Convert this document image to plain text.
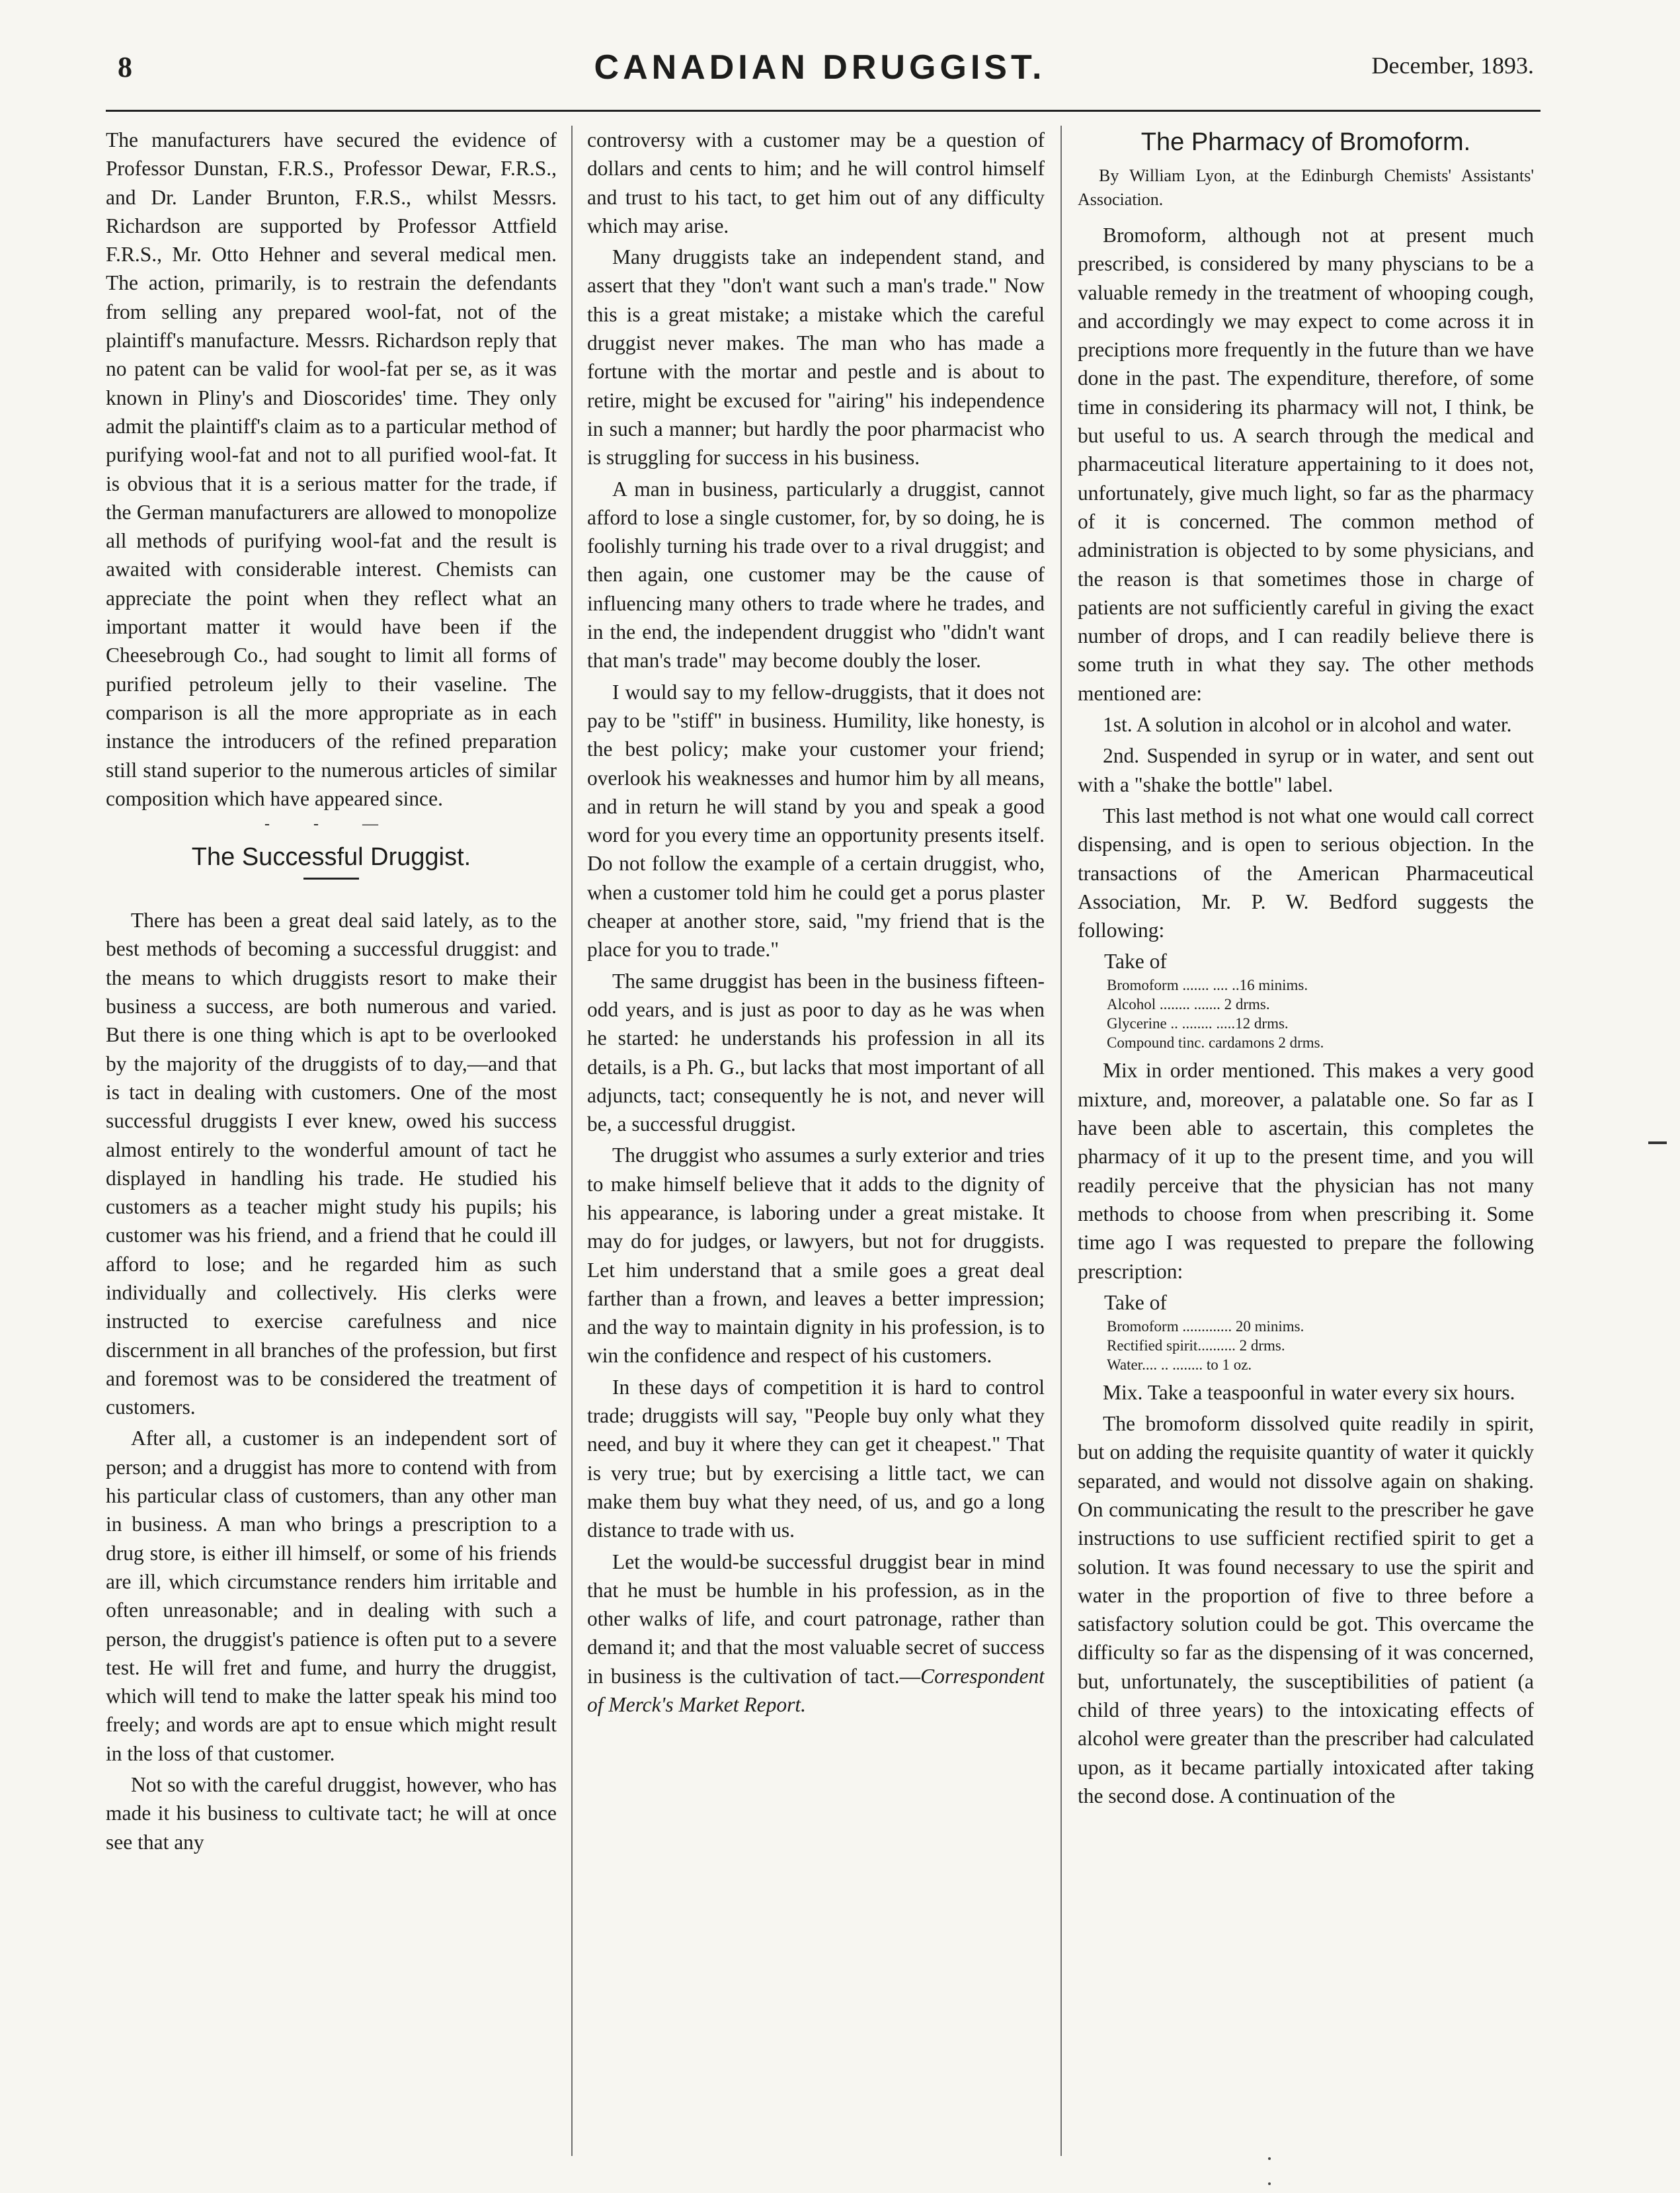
8	CANADIAN DRUGGIST.	December, 1893.

The manufacturers have secured the evidence of Professor Dunstan, F.R.S., Professor Dewar, F.R.S., and Dr. Lander Brunton, F.R.S., whilst Messrs. Richardson are supported by Professor Attfield F.R.S., Mr. Otto Hehner and several medical men. The action, primarily, is to restrain the defendants from selling any prepared wool-fat, not of the plaintiff's manufacture. Messrs. Richardson reply that no patent can be valid for wool-fat per se, as it was known in Pliny's and Dioscorides' time. They only admit the plaintiff's claim as to a particular method of purifying wool-fat and not to all purified wool-fat. It is obvious that it is a serious matter for the trade, if the German manufacturers are allowed to monopolize all methods of purifying wool-fat and the result is awaited with considerable interest. Chemists can appreciate the point when they reflect what an important matter it would have been if the Cheesebrough Co., had sought to limit all forms of purified petroleum jelly to their vaseline. The comparison is all the more appropriate as in each instance the introducers of the refined preparation still stand superior to the numerous articles of similar composition which have appeared since.

- - —
The Successful Druggist.

There has been a great deal said lately, as to the best methods of becoming a successful druggist: and the means to which druggists resort to make their business a success, are both numerous and varied. But there is one thing which is apt to be overlooked by the majority of the druggists of to day,—and that is tact in dealing with customers. One of the most successful druggists I ever knew, owed his success almost entirely to the wonderful amount of tact he displayed in handling his trade. He studied his customers as a teacher might study his pupils; his customer was his friend, and a friend that he could ill afford to lose; and he regarded him as such individually and collectively. His clerks were instructed to exercise carefulness and nice discernment in all branches of the profession, but first and foremost was to be considered the treatment of customers.

After all, a customer is an independent sort of person; and a druggist has more to contend with from his particular class of customers, than any other man in business. A man who brings a prescription to a drug store, is either ill himself, or some of his friends are ill, which circumstance renders him irritable and often unreasonable; and in dealing with such a person, the druggist's patience is often put to a severe test. He will fret and fume, and hurry the druggist, which will tend to make the latter speak his mind too freely; and words are apt to ensue which might result in the loss of that customer.

Not so with the careful druggist, however, who has made it his business to cultivate tact; he will at once see that any

controversy with a customer may be a question of dollars and cents to him; and he will control himself and trust to his tact, to get him out of any difficulty which may arise.

Many druggists take an independent stand, and assert that they "don't want such a man's trade." Now this is a great mistake; a mistake which the careful druggist never makes. The man who has made a fortune with the mortar and pestle and is about to retire, might be excused for "airing" his independence in such a manner; but hardly the poor pharmacist who is struggling for success in his business.

A man in business, particularly a druggist, cannot afford to lose a single customer, for, by so doing, he is foolishly turning his trade over to a rival druggist; and then again, one customer may be the cause of influencing many others to trade where he trades, and in the end, the independent druggist who "didn't want that man's trade" may become doubly the loser.

I would say to my fellow-druggists, that it does not pay to be "stiff" in business. Humility, like honesty, is the best policy; make your customer your friend; overlook his weaknesses and humor him by all means, and in return he will stand by you and speak a good word for you every time an opportunity presents itself. Do not follow the example of a certain druggist, who, when a customer told him he could get a porus plaster cheaper at another store, said, "my friend that is the place for you to trade."

The same druggist has been in the business fifteen-odd years, and is just as poor to day as he was when he started: he understands his profession in all its details, is a Ph. G., but lacks that most important of all adjuncts, tact; consequently he is not, and never will be, a successful druggist.

The druggist who assumes a surly exterior and tries to make himself believe that it adds to the dignity of his appearance, is laboring under a great mistake. It may do for judges, or lawyers, but not for druggists. Let him understand that a smile goes a great deal farther than a frown, and leaves a better impression; and the way to maintain dignity in his profession, is to win the confidence and respect of his customers.

In these days of competition it is hard to control trade; druggists will say, "People buy only what they need, and buy it where they can get it cheapest." That is very true; but by exercising a little tact, we can make them buy what they need, of us, and go a long distance to trade with us.

Let the would-be successful druggist bear in mind that he must be humble in his profession, as in the other walks of life, and court patronage, rather than demand it; and that the most valuable secret of success in business is the cultivation of tact.—Correspondent of Merck's Market Report.

The Pharmacy of Bromoform.

By William Lyon, at the Edinburgh Chemists' Assistants' Association.

Bromoform, although not at present much prescribed, is considered by many physcians to be a valuable remedy in the treatment of whooping cough, and accordingly we may expect to come across it in preciptions more frequently in the future than we have done in the past. The expenditure, therefore, of some time in considering its pharmacy will not, I think, be but useful to us. A search through the medical and pharmaceutical literature appertaining to it does not, unfortunately, give much light, so far as the pharmacy of it is concerned. The common method of administration is objected to by some physicians, and the reason is that sometimes those in charge of patients are not sufficiently careful in giving the exact number of drops, and I can readily believe there is some truth in what they say. The other methods mentioned are:

1st. A solution in alcohol or in alcohol and water.

2nd. Suspended in syrup or in water, and sent out with a "shake the bottle" label.

This last method is not what one would call correct dispensing, and is open to serious objection. In the transactions of the American Pharmaceutical Association, Mr. P. W. Bedford suggests the following:

Take of
Bromoform ....... .... ..16 minims.
Alcohol ........ ....... 2 drms.
Glycerine .. ........ .....12 drms.
Compound tinc. cardamons 2 drms.

Mix in order mentioned. This makes a very good mixture, and, moreover, a palatable one. So far as I have been able to ascertain, this completes the pharmacy of it up to the present time, and you will readily perceive that the physician has not many methods to choose from when prescribing it. Some time ago I was requested to prepare the following prescription:

Take of
Bromoform ............. 20 minims.
Rectified spirit.......... 2 drms.
Water.... .. ........ to 1 oz.

Mix. Take a teaspoonful in water every six hours.

The bromoform dissolved quite readily in spirit, but on adding the requisite quantity of water it quickly separated, and would not dissolve again on shaking. On communicating the result to the prescriber he gave instructions to use sufficient rectified spirit to get a solution. It was found necessary to use the spirit and water in the proportion of five to three before a satisfactory solution could be got. This overcame the difficulty so far as the dispensing of it was concerned, but, unfortunately, the susceptibilities of patient (a child of three years) to the intoxicating effects of alcohol were greater than the prescriber had calculated upon, as it became partially intoxicated after taking the second dose. A continuation of the
